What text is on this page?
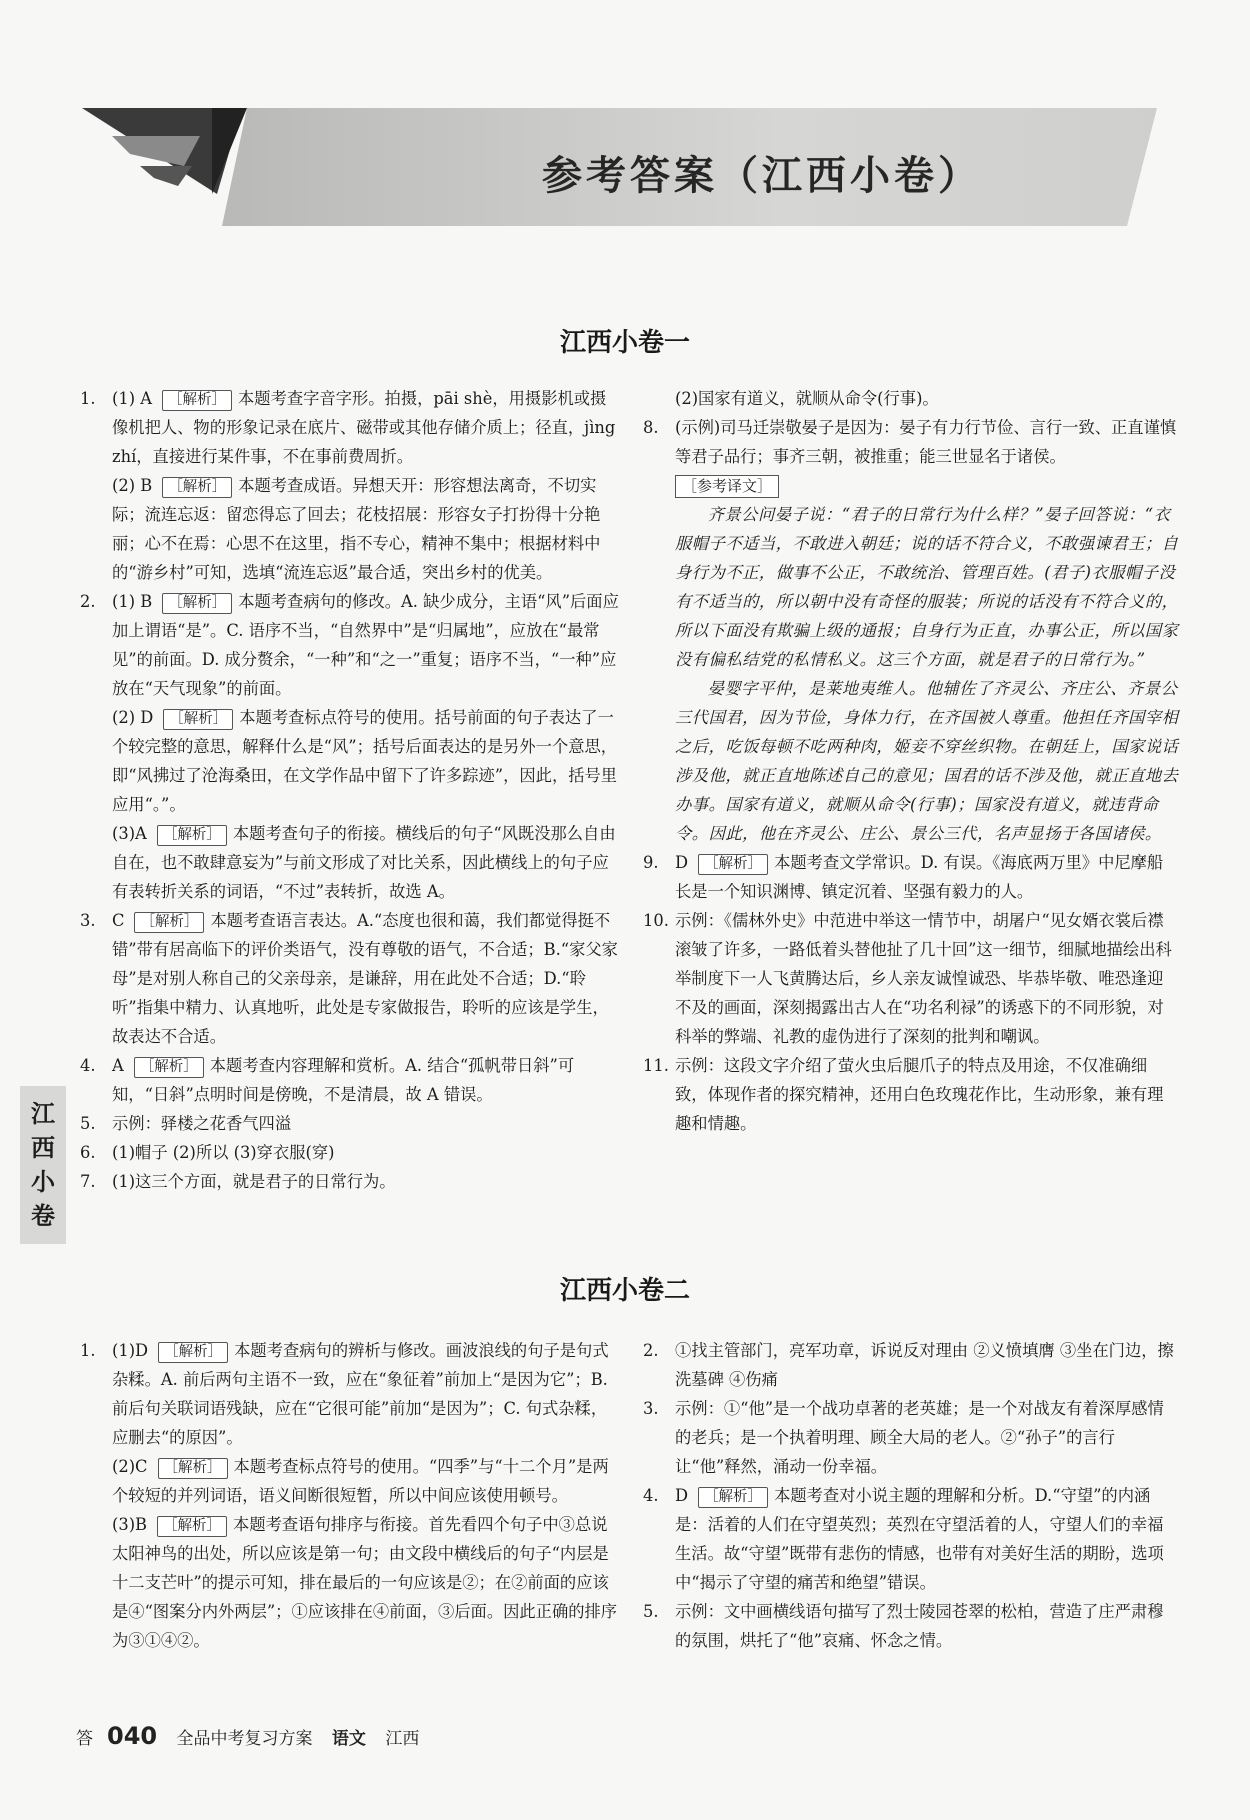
参考答案（江西小卷）
江西小卷一
江西小卷二

1. (1) A ［解析］ 本题考查字音字形。拍摄，pāi shè，用摄影机或摄像机把人、物的形象记录在底片、磁带或其他存储介质上；径直，jìng zhí，直接进行某件事，不在事前费周折。

(2) B ［解析］ 本题考查成语。异想天开：形容想法离奇，不切实际；流连忘返：留恋得忘了回去；花枝招展：形容女子打扮得十分艳丽；心不在焉：心思不在这里，指不专心，精神不集中；根据材料中的“游乡村”可知，选填“流连忘返”最合适，突出乡村的优美。

2. (1) B ［解析］ 本题考查病句的修改。A. 缺少成分，主语“风”后面应加上谓语“是”。C. 语序不当，“自然界中”是“归属地”，应放在“最常见”的前面。D. 成分赘余，“一种”和“之一”重复；语序不当，“一种”应放在“天气现象”的前面。

(2) D ［解析］ 本题考查标点符号的使用。括号前面的句子表达了一个较完整的意思，解释什么是“风”；括号后面表达的是另外一个意思，即“风拂过了沧海桑田，在文学作品中留下了许多踪迹”，因此，括号里应用“。”。

(3)A ［解析］ 本题考查句子的衔接。横线后的句子“风既没那么自由自在，也不敢肆意妄为”与前文形成了对比关系，因此横线上的句子应有表转折关系的词语，“不过”表转折，故选 A。

3. C ［解析］ 本题考查语言表达。A.“态度也很和蔼，我们都觉得挺不错”带有居高临下的评价类语气，没有尊敬的语气，不合适；B.“家父家母”是对别人称自己的父亲母亲，是谦辞，用在此处不合适；D.“聆听”指集中精力、认真地听，此处是专家做报告，聆听的应该是学生，故表达不合适。

4. A ［解析］ 本题考查内容理解和赏析。A. 结合“孤帆带日斜”可知，“日斜”点明时间是傍晚，不是清晨，故 A 错误。

5. 示例：驿楼之花香气四溢

6. (1)帽子 (2)所以 (3)穿衣服(穿)

7. (1)这三个方面，就是君子的日常行为。

(2)国家有道义，就顺从命令(行事)。

8. (示例)司马迁崇敬晏子是因为：晏子有力行节俭、言行一致、正直谨慎等君子品行；事齐三朝，被推重；能三世显名于诸侯。

［参考译文］

齐景公问晏子说：“君子的日常行为什么样？”晏子回答说：“衣服帽子不适当，不敢进入朝廷；说的话不符合义，不敢强谏君王；自身行为不正，做事不公正，不敢统治、管理百姓。(君子)衣服帽子没有不适当的，所以朝中没有奇怪的服装；所说的话没有不符合义的，所以下面没有欺骗上级的通报；自身行为正直，办事公正，所以国家没有偏私结党的私情私义。这三个方面，就是君子的日常行为。”

晏婴字平仲，是莱地夷维人。他辅佐了齐灵公、齐庄公、齐景公三代国君，因为节俭，身体力行，在齐国被人尊重。他担任齐国宰相之后，吃饭每顿不吃两种肉，姬妾不穿丝织物。在朝廷上，国家说话涉及他，就正直地陈述自己的意见；国君的话不涉及他，就正直地去办事。国家有道义，就顺从命令(行事)；国家没有道义，就违背命令。因此，他在齐灵公、庄公、景公三代，名声显扬于各国诸侯。

9. D ［解析］ 本题考查文学常识。D. 有误。《海底两万里》中尼摩船长是一个知识渊博、镇定沉着、坚强有毅力的人。

10. 示例：《儒林外史》中范进中举这一情节中，胡屠户“见女婿衣裳后襟滚皱了许多，一路低着头替他扯了几十回”这一细节，细腻地描绘出科举制度下一人飞黄腾达后，乡人亲友诚惶诚恐、毕恭毕敬、唯恐逢迎不及的画面，深刻揭露出古人在“功名利禄”的诱惑下的不同形貌，对科举的弊端、礼教的虚伪进行了深刻的批判和嘲讽。

11. 示例：这段文字介绍了萤火虫后腿爪子的特点及用途，不仅准确细致，体现作者的探究精神，还用白色玫瑰花作比，生动形象，兼有理趣和情趣。

1. (1)D ［解析］ 本题考查病句的辨析与修改。画波浪线的句子是句式杂糅。A. 前后两句主语不一致，应在“象征着”前加上“是因为它”；B. 前后句关联词语残缺，应在“它很可能”前加“是因为”；C. 句式杂糅，应删去“的原因”。

(2)C ［解析］ 本题考查标点符号的使用。“四季”与“十二个月”是两个较短的并列词语，语义间断很短暂，所以中间应该使用顿号。

(3)B ［解析］ 本题考查语句排序与衔接。首先看四个句子中③总说太阳神鸟的出处，所以应该是第一句；由文段中横线后的句子“内层是十二支芒叶”的提示可知，排在最后的一句应该是②；在②前面的应该是④“图案分内外两层”；①应该排在④前面，③后面。因此正确的排序为③①④②。

2. ①找主管部门，亮军功章，诉说反对理由 ②义愤填膺 ③坐在门边，擦洗墓碑 ④伤痛

3. 示例：①“他”是一个战功卓著的老英雄；是一个对战友有着深厚感情的老兵；是一个执着明理、顾全大局的老人。②“孙子”的言行让“他”释然，涌动一份幸福。

4. D ［解析］ 本题考查对小说主题的理解和分析。D.“守望”的内涵是：活着的人们在守望英烈；英烈在守望活着的人，守望人们的幸福生活。故“守望”既带有悲伤的情感，也带有对美好生活的期盼，选项中“揭示了守望的痛苦和绝望”错误。

5. 示例：文中画横线语句描写了烈士陵园苍翠的松柏，营造了庄严肃穆的氛围，烘托了“他”哀痛、怀念之情。

江
西
小
卷
答 040 全品中考复习方案 语文 江西
